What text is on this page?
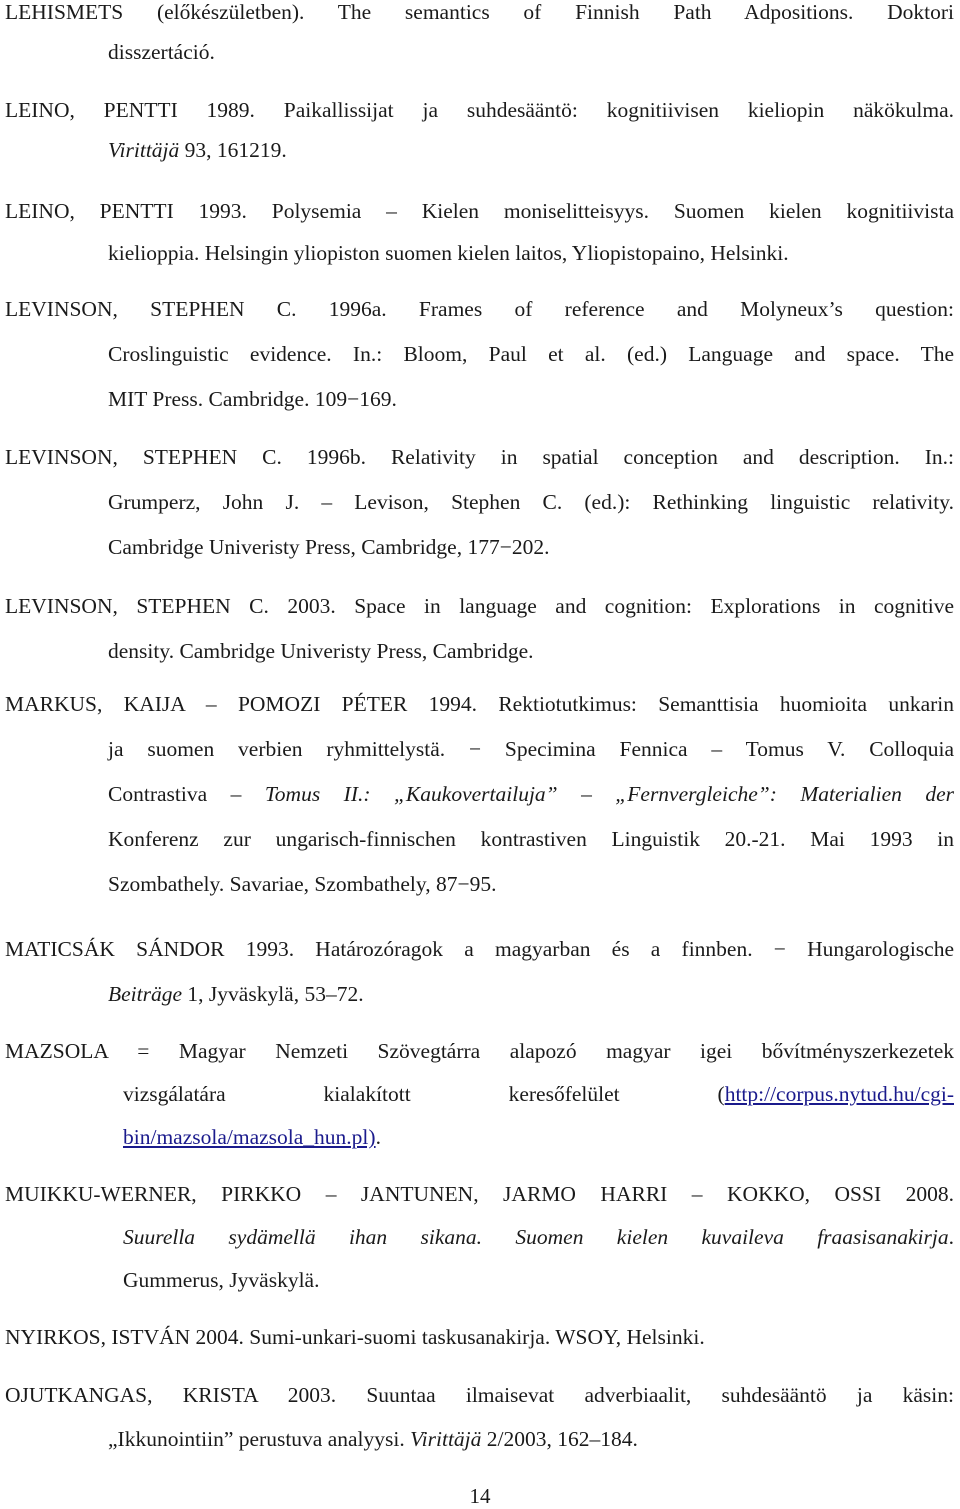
LEHISMETS (előkészületben). The semantics of Finnish Path Adpositions. Doktori
disszertáció.
LEINO, PENTTI 1989. Paikallissijat ja suhdesääntö: kognitiivisen kieliopin näkökulma.
Virittäjä 93, 161219.
LEINO, PENTTI 1993. Polysemia – Kielen moniselitteisyys. Suomen kielen kognitiivista
kielioppia. Helsingin yliopiston suomen kielen laitos, Yliopistopaino, Helsinki.
LEVINSON, STEPHEN C. 1996a. Frames of reference and Molyneux’s question:
Croslinguistic evidence. In.: Bloom, Paul et al. (ed.) Language and space. The
MIT Press. Cambridge. 109−169.
LEVINSON, STEPHEN C. 1996b. Relativity in spatial conception and description. In.:
Grumperz, John J. – Levison, Stephen C. (ed.): Rethinking linguistic relativity.
Cambridge Univeristy Press, Cambridge, 177−202.
LEVINSON, STEPHEN C. 2003. Space in language and cognition: Explorations in cognitive
density. Cambridge Univeristy Press, Cambridge.
MARKUS, KAIJA – POMOZI PÉTER 1994. Rektiotutkimus: Semanttisia huomioita unkarin
ja suomen verbien ryhmittelystä. − Specimina Fennica – Tomus V. Colloquia
Contrastiva – Tomus II.: „Kaukovertailuja” – „Fernvergleiche”: Materialien der
Konferenz zur ungarisch-finnischen kontrastiven Linguistik 20.-21. Mai 1993 in
Szombathely. Savariae, Szombathely, 87−95.
MATICSÁK SÁNDOR 1993. Határozóragok a magyarban és a finnben. − Hungarologische
Beiträge 1, Jyväskylä, 53–72.
MAZSOLA = Magyar Nemzeti Szövegtárra alapozó magyar igei bővítményszerkezetek
vizsgálatára kialakított keresőfelület (http://corpus.nytud.hu/cgi-
bin/mazsola/mazsola_hun.pl).
MUIKKU-WERNER, PIRKKO – JANTUNEN, JARMO HARRI – KOKKO, OSSI 2008.
Suurella sydämellä ihan sikana. Suomen kielen kuvaileva fraasisanakirja.
Gummerus, Jyväskylä.
NYIRKOS, ISTVÁN 2004. Sumi-unkari-suomi taskusanakirja. WSOY, Helsinki.
OJUTKANGAS, KRISTA 2003. Suuntaa ilmaisevat adverbiaalit, suhdesääntö ja käsin:
„Ikkunointiin” perustuva analyysi. Virittäjä 2/2003, 162–184.
14
